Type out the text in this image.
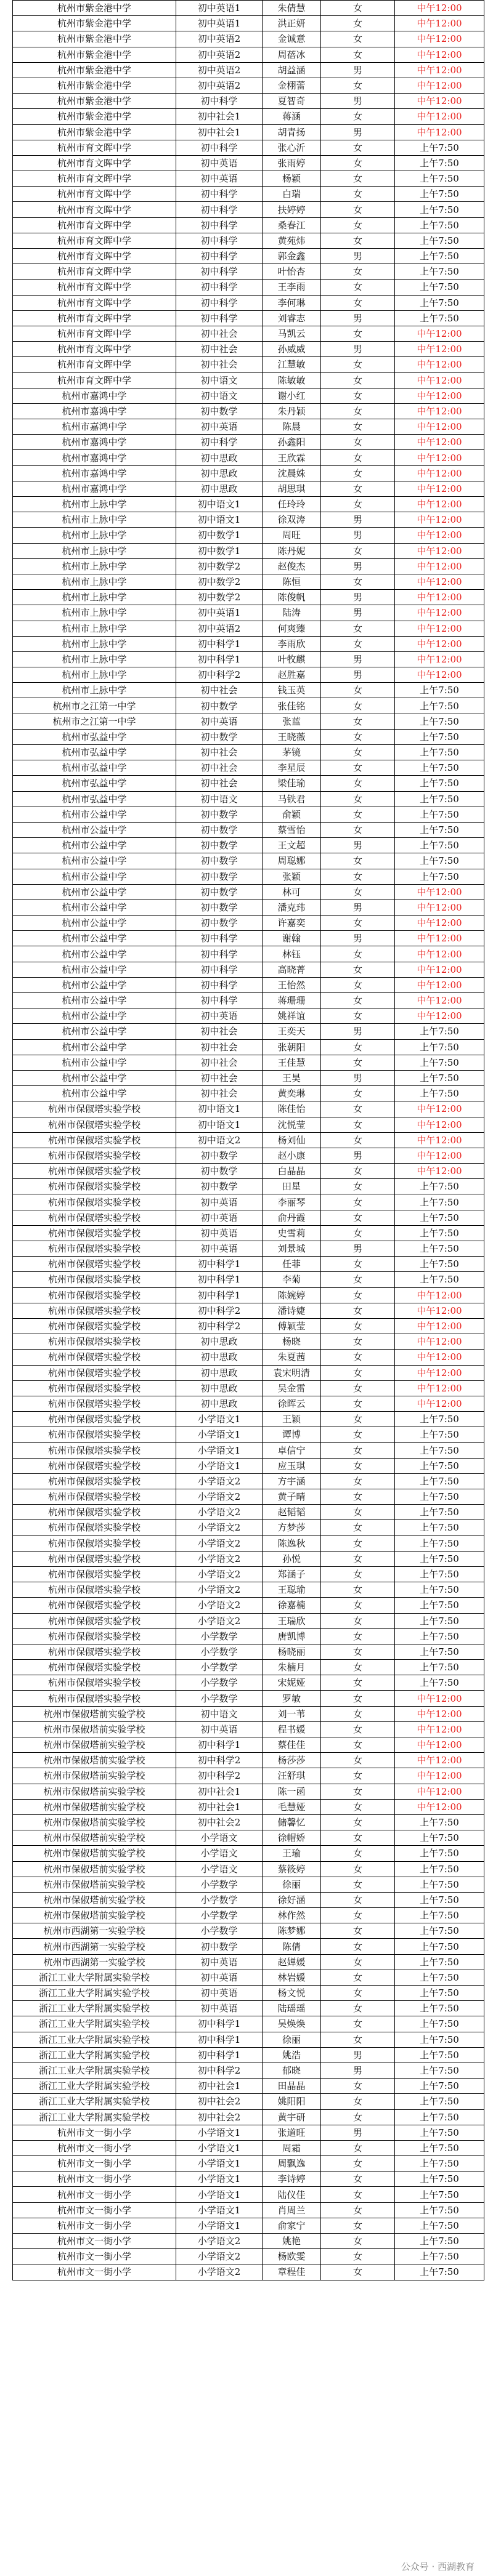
杭州市紫金港中学	初中英语1	朱倩慧	女	中午12:00
杭州市紫金港中学	初中英语1	洪正妍	女	中午12:00
杭州市紫金港中学	初中英语2	金诚意	女	中午12:00
杭州市紫金港中学	初中英语2	周蓓冰	女	中午12:00
杭州市紫金港中学	初中英语2	胡益涵	男	中午12:00
杭州市紫金港中学	初中英语2	金栩蕾	女	中午12:00
杭州市紫金港中学	初中科学	夏智奇	男	中午12:00
杭州市紫金港中学	初中社会1	蒋涵	女	中午12:00
杭州市紫金港中学	初中社会1	胡青扬	男	中午12:00
杭州市育文晖中学	初中科学	张心沂	女	上午7:50
杭州市育文晖中学	初中英语	张雨婷	女	上午7:50
杭州市育文晖中学	初中英语	杨颖	女	上午7:50
杭州市育文晖中学	初中科学	白瑞	女	上午7:50
杭州市育文晖中学	初中科学	扶婷婷	女	上午7:50
杭州市育文晖中学	初中科学	桑春江	女	上午7:50
杭州市育文晖中学	初中科学	黄苑炜	女	上午7:50
杭州市育文晖中学	初中科学	郭金鑫	男	上午7:50
杭州市育文晖中学	初中科学	叶怡杏	女	上午7:50
杭州市育文晖中学	初中科学	王李雨	女	上午7:50
杭州市育文晖中学	初中科学	李何琳	女	上午7:50
杭州市育文晖中学	初中科学	刘睿志	男	上午7:50
杭州市育文晖中学	初中社会	马凯云	女	中午12:00
杭州市育文晖中学	初中社会	孙威威	男	中午12:00
杭州市育文晖中学	初中社会	江慧敏	女	中午12:00
杭州市育文晖中学	初中语文	陈敏敏	女	中午12:00
杭州市嘉鸿中学	初中语文	谢小红	女	中午12:00
杭州市嘉鸿中学	初中数学	朱丹颖	女	中午12:00
杭州市嘉鸿中学	初中英语	陈晨	女	中午12:00
杭州市嘉鸿中学	初中科学	孙鑫阳	女	中午12:00
杭州市嘉鸿中学	初中思政	王欣霖	女	中午12:00
杭州市嘉鸿中学	初中思政	沈晨姝	女	中午12:00
杭州市嘉鸿中学	初中思政	胡思琪	女	中午12:00
杭州市上脉中学	初中语文1	任玲玲	女	中午12:00
杭州市上脉中学	初中语文1	徐双涛	男	中午12:00
杭州市上脉中学	初中数学1	周旺	男	中午12:00
杭州市上脉中学	初中数学1	陈丹妮	女	中午12:00
杭州市上脉中学	初中数学2	赵俊杰	男	中午12:00
杭州市上脉中学	初中数学2	陈恒	女	中午12:00
杭州市上脉中学	初中数学2	陈俊帆	男	中午12:00
杭州市上脉中学	初中英语1	陆涛	男	中午12:00
杭州市上脉中学	初中英语2	何爽臻	女	中午12:00
杭州市上脉中学	初中科学1	李雨欣	女	中午12:00
杭州市上脉中学	初中科学1	叶牧麒	男	中午12:00
杭州市上脉中学	初中科学2	赵胜嘉	男	中午12:00
杭州市上脉中学	初中社会	钱玉英	女	上午7:50
杭州市之江第一中学	初中数学	张佳铭	女	上午7:50
杭州市之江第一中学	初中英语	张蓝	女	上午7:50
杭州市弘益中学	初中数学	王晓薇	女	上午7:50
杭州市弘益中学	初中社会	茅镜	女	上午7:50
杭州市弘益中学	初中社会	李星辰	女	上午7:50
杭州市弘益中学	初中社会	梁佳瑜	女	上午7:50
杭州市弘益中学	初中语文	马铁君	女	上午7:50
杭州市公益中学	初中数学	俞颖	女	上午7:50
杭州市公益中学	初中数学	蔡雪怡	女	上午7:50
杭州市公益中学	初中数学	王文超	男	上午7:50
杭州市公益中学	初中数学	周聪娜	女	上午7:50
杭州市公益中学	初中数学	张颖	女	上午7:50
杭州市公益中学	初中数学	林可	女	中午12:00
杭州市公益中学	初中数学	潘克玮	男	中午12:00
杭州市公益中学	初中数学	许嘉奕	女	中午12:00
杭州市公益中学	初中科学	谢翰	男	中午12:00
杭州市公益中学	初中科学	林钰	女	中午12:00
杭州市公益中学	初中科学	高晓菁	女	中午12:00
杭州市公益中学	初中科学	王怡然	女	中午12:00
杭州市公益中学	初中科学	蒋珊珊	女	中午12:00
杭州市公益中学	初中英语	姚祥谊	女	中午12:00
杭州市公益中学	初中社会	王奕天	男	上午7:50
杭州市公益中学	初中社会	张朝阳	女	上午7:50
杭州市公益中学	初中社会	王佳慧	女	上午7:50
杭州市公益中学	初中社会	王昊	男	上午7:50
杭州市公益中学	初中社会	黄奕琳	女	上午7:50
杭州市保俶塔实验学校	初中语文1	陈佳怡	女	中午12:00
杭州市保俶塔实验学校	初中语文1	沈悦莹	女	中午12:00
杭州市保俶塔实验学校	初中语文2	杨刘仙	女	中午12:00
杭州市保俶塔实验学校	初中数学	赵小康	男	中午12:00
杭州市保俶塔实验学校	初中数学	白晶晶	女	中午12:00
杭州市保俶塔实验学校	初中数学	田星	女	上午7:50
杭州市保俶塔实验学校	初中英语	李丽琴	女	上午7:50
杭州市保俶塔实验学校	初中英语	俞丹霞	女	上午7:50
杭州市保俶塔实验学校	初中英语	史雪莉	女	上午7:50
杭州市保俶塔实验学校	初中英语	刘景城	男	上午7:50
杭州市保俶塔实验学校	初中科学1	任菲	女	上午7:50
杭州市保俶塔实验学校	初中科学1	李菊	女	上午7:50
杭州市保俶塔实验学校	初中科学1	陈婉婷	女	中午12:00
杭州市保俶塔实验学校	初中科学2	潘诗婕	女	中午12:00
杭州市保俶塔实验学校	初中科学2	傅颖莹	女	中午12:00
杭州市保俶塔实验学校	初中思政	杨晓	女	中午12:00
杭州市保俶塔实验学校	初中思政	朱夏茜	女	中午12:00
杭州市保俶塔实验学校	初中思政	袁宋明清	女	中午12:00
杭州市保俶塔实验学校	初中思政	吴金雷	女	中午12:00
杭州市保俶塔实验学校	初中思政	徐晖云	女	中午12:00
杭州市保俶塔实验学校	小学语文1	王颖	女	上午7:50
杭州市保俶塔实验学校	小学语文1	谭博	女	上午7:50
杭州市保俶塔实验学校	小学语文1	卓信宁	女	上午7:50
杭州市保俶塔实验学校	小学语文1	应玉琪	女	上午7:50
杭州市保俶塔实验学校	小学语文2	方宇涵	女	上午7:50
杭州市保俶塔实验学校	小学语文2	黄子晴	女	上午7:50
杭州市保俶塔实验学校	小学语文2	赵韬韬	女	上午7:50
杭州市保俶塔实验学校	小学语文2	方梦莎	女	上午7:50
杭州市保俶塔实验学校	小学语文2	陈逸秋	女	上午7:50
杭州市保俶塔实验学校	小学语文2	孙悦	女	上午7:50
杭州市保俶塔实验学校	小学语文2	郑涵子	女	上午7:50
杭州市保俶塔实验学校	小学语文2	王聪瑜	女	上午7:50
杭州市保俶塔实验学校	小学语文2	徐嘉楠	女	上午7:50
杭州市保俶塔实验学校	小学语文2	王瑞欣	女	上午7:50
杭州市保俶塔实验学校	小学数学	唐凯博	女	上午7:50
杭州市保俶塔实验学校	小学数学	杨晓丽	女	上午7:50
杭州市保俶塔实验学校	小学数学	朱楠月	女	上午7:50
杭州市保俶塔实验学校	小学数学	宋妮娅	女	上午7:50
杭州市保俶塔实验学校	小学数学	罗敏	女	中午12:00
杭州市保俶塔前实验学校	初中语文	刘一苇	女	中午12:00
杭州市保俶塔前实验学校	初中英语	程书媛	女	中午12:00
杭州市保俶塔前实验学校	初中科学1	蔡佳佳	女	中午12:00
杭州市保俶塔前实验学校	初中科学2	杨莎莎	女	中午12:00
杭州市保俶塔前实验学校	初中科学2	汪舒琪	女	中午12:00
杭州市保俶塔前实验学校	初中社会1	陈一函	女	中午12:00
杭州市保俶塔前实验学校	初中社会1	毛慧娅	女	中午12:00
杭州市保俶塔前实验学校	初中社会2	储馨忆	女	上午7:50
杭州市保俶塔前实验学校	小学语文	徐帽娇	女	上午7:50
杭州市保俶塔前实验学校	小学语文	王瑜	女	上午7:50
杭州市保俶塔前实验学校	小学语文	蔡筱婷	女	上午7:50
杭州市保俶塔前实验学校	小学数学	徐丽	女	上午7:50
杭州市保俶塔前实验学校	小学数学	徐好涵	女	上午7:50
杭州市保俶塔前实验学校	小学数学	林作然	女	上午7:50
杭州市西湖第一实验学校	小学数学	陈梦娜	女	上午7:50
杭州市西湖第一实验学校	初中数学	陈倩	女	上午7:50
杭州市西湖第一实验学校	初中英语	赵婵媛	女	上午7:50
浙江工业大学附属实验学校	初中英语	林岩媛	女	上午7:50
浙江工业大学附属实验学校	初中英语	杨文悦	女	上午7:50
浙江工业大学附属实验学校	初中英语	陆瑶瑶	女	上午7:50
浙江工业大学附属实验学校	初中科学1	吴焕焕	女	上午7:50
浙江工业大学附属实验学校	初中科学1	徐丽	女	上午7:50
浙江工业大学附属实验学校	初中科学1	姚浩	男	上午7:50
浙江工业大学附属实验学校	初中科学2	郁晓	男	上午7:50
浙江工业大学附属实验学校	初中社会1	田晶晶	女	上午7:50
浙江工业大学附属实验学校	初中社会2	姚阳阳	女	上午7:50
浙江工业大学附属实验学校	初中社会2	黄宇研	女	上午7:50
杭州市文一街小学	小学语文1	张道旺	男	上午7:50
杭州市文一街小学	小学语文1	周霜	女	上午7:50
杭州市文一街小学	小学语文1	周飘逸	女	上午7:50
杭州市文一街小学	小学语文1	李诗婷	女	上午7:50
杭州市文一街小学	小学语文1	陆仪佳	女	上午7:50
杭州市文一街小学	小学语文1	肖周兰	女	上午7:50
杭州市文一街小学	小学语文1	俞家宁	女	上午7:50
杭州市文一街小学	小学语文2	姚艳	女	上午7:50
杭州市文一街小学	小学语文2	杨欧雯	女	上午7:50
杭州市文一街小学	小学语文2	章程佳	女	上午7:50
公众号 · 西湖教育
